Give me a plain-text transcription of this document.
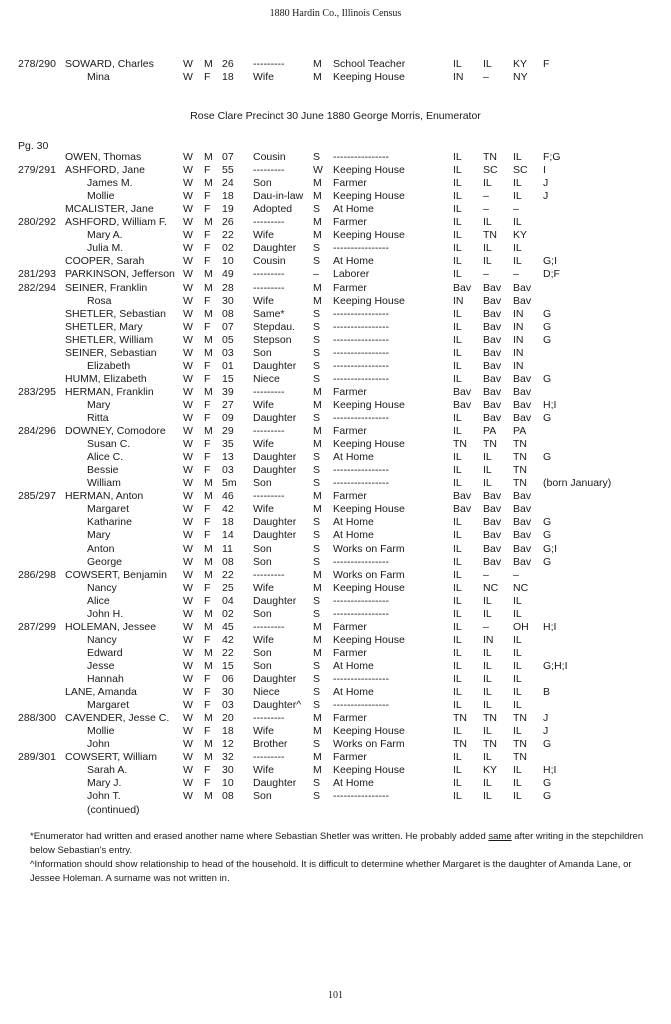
1880 Hardin Co., Illinois Census
278/290 SOWARD, Charles	W M 26 ---------	M School Teacher	IL IL KY F
Mina	W F 18 Wife	M Keeping House	IN – NY
Rose Clare Precinct 30 June 1880 George Morris, Enumerator
Pg. 30
OWEN, Thomas	W M 07 Cousin	S ----------------	IL TN IL F;G
279/291 ASHFORD, Jane	W F 55 ---------	W Keeping House	IL SC SC I
James M.	W M 24 Son	M Farmer	IL IL IL J
Mollie	W F 18 Dau-in-law M Keeping House	IL – IL J
MCALISTER, Jane	W F 19 Adopted S At Home	IL – –
280/292 ASHFORD, William F. W M 26 ---------	M Farmer	IL IL IL
Mary A.	W F 22 Wife	M Keeping House	IL TN KY
Julia M.	W F 02 Daughter S ----------------	IL IL IL
COOPER, Sarah	W F 10 Cousin	S At Home	IL IL IL G;I
281/293 PARKINSON, Jefferson W M 49 ---------	– Laborer	IL – – D;F
282/294 SEINER, Franklin	W M 28 ---------	M Farmer	Bav Bav Bav
Rosa	W F 30 Wife	M Keeping House	IN Bav Bav
SHETLER, Sebastian W M 08 Same*	S ----------------	IL Bav IN G
SHETLER, Mary	W F 07 Stepdau. S ----------------	IL Bav IN G
SHETLER, William	W M 05 Stepson S ----------------	IL Bav IN G
SEINER, Sebastian	W M 03 Son	S ----------------	IL Bav IN
Elizabeth	W F 01 Daughter S ----------------	IL Bav IN
HUMM, Elizabeth	W F 15 Niece	S ----------------	IL Bav Bav G
283/295 HERMAN, Franklin	W M 39 ---------	M Farmer	Bav Bav Bav
Mary	W F 27 Wife	M Keeping House	Bav Bav Bav H;I
Ritta	W F 09 Daughter S ----------------	IL Bav Bav G
284/296 DOWNEY, Comodore W M 29 ---------	M Farmer	IL PA PA
Susan C.	W F 35 Wife	M Keeping House	TN TN TN
Alice C.	W F 13 Daughter S At Home	IL IL TN G
Bessie	W F 03 Daughter S ----------------	IL IL TN
William	W M 5m Son	S ----------------	IL IL TN (born January)
285/297 HERMAN, Anton	W M 46 ---------	M Farmer	Bav Bav Bav
Margaret	W F 42 Wife	M Keeping House	Bav Bav Bav
Katharine	W F 18 Daughter S At Home	IL Bav Bav G
Mary	W F 14 Daughter S At Home	IL Bav Bav G
Anton	W M 11 Son	S Works on Farm	IL Bav Bav G;I
George	W M 08 Son	S ----------------	IL Bav Bav G
286/298 COWSERT, Benjamin W M 22 ---------	M Works on Farm	IL – –
Nancy	W F 25 Wife	M Keeping House	IL NC NC
Alice	W F 04 Daughter S ----------------	IL IL IL
John H.	W M 02 Son	S ----------------	IL IL IL
287/299 HOLEMAN, Jessee	W M 45 ---------	M Farmer	IL – OH H;I
Nancy	W F 42 Wife	M Keeping House	IL IN IL
Edward	W M 22 Son	M Farmer	IL IL IL
Jesse	W M 15 Son	S At Home	IL IL IL G;H;I
Hannah	W F 06 Daughter S ----------------	IL IL IL
LANE, Amanda	W F 30 Niece	S At Home	IL IL IL B
Margaret	W F 03 Daughter^ S ----------------	IL IL IL
288/300 CAVENDER, Jesse C. W M 20 ---------	M Farmer	TN TN TN J
Mollie	W F 18 Wife	M Keeping House	IL IL IL J
John	W M 12 Brother S Works on Farm	TN TN TN G
289/301 COWSERT, William W M 32 ---------	M Farmer	IL IL TN
Sarah A.	W F 30 Wife	M Keeping House	IL KY IL H;I
Mary J.	W F 10 Daughter S At Home	IL IL IL G
John T.	W M 08 Son	S ----------------	IL IL IL G
(continued)
*Enumerator had written and erased another name where Sebastian Shetler was written. He probably added same after writing in the stepchildren below Sebastian's entry.
^Information should show relationship to head of the household. It is difficult to determine whether Margaret is the daughter of Amanda Lane, or Jessee Holeman. A surname was not written in.
101
